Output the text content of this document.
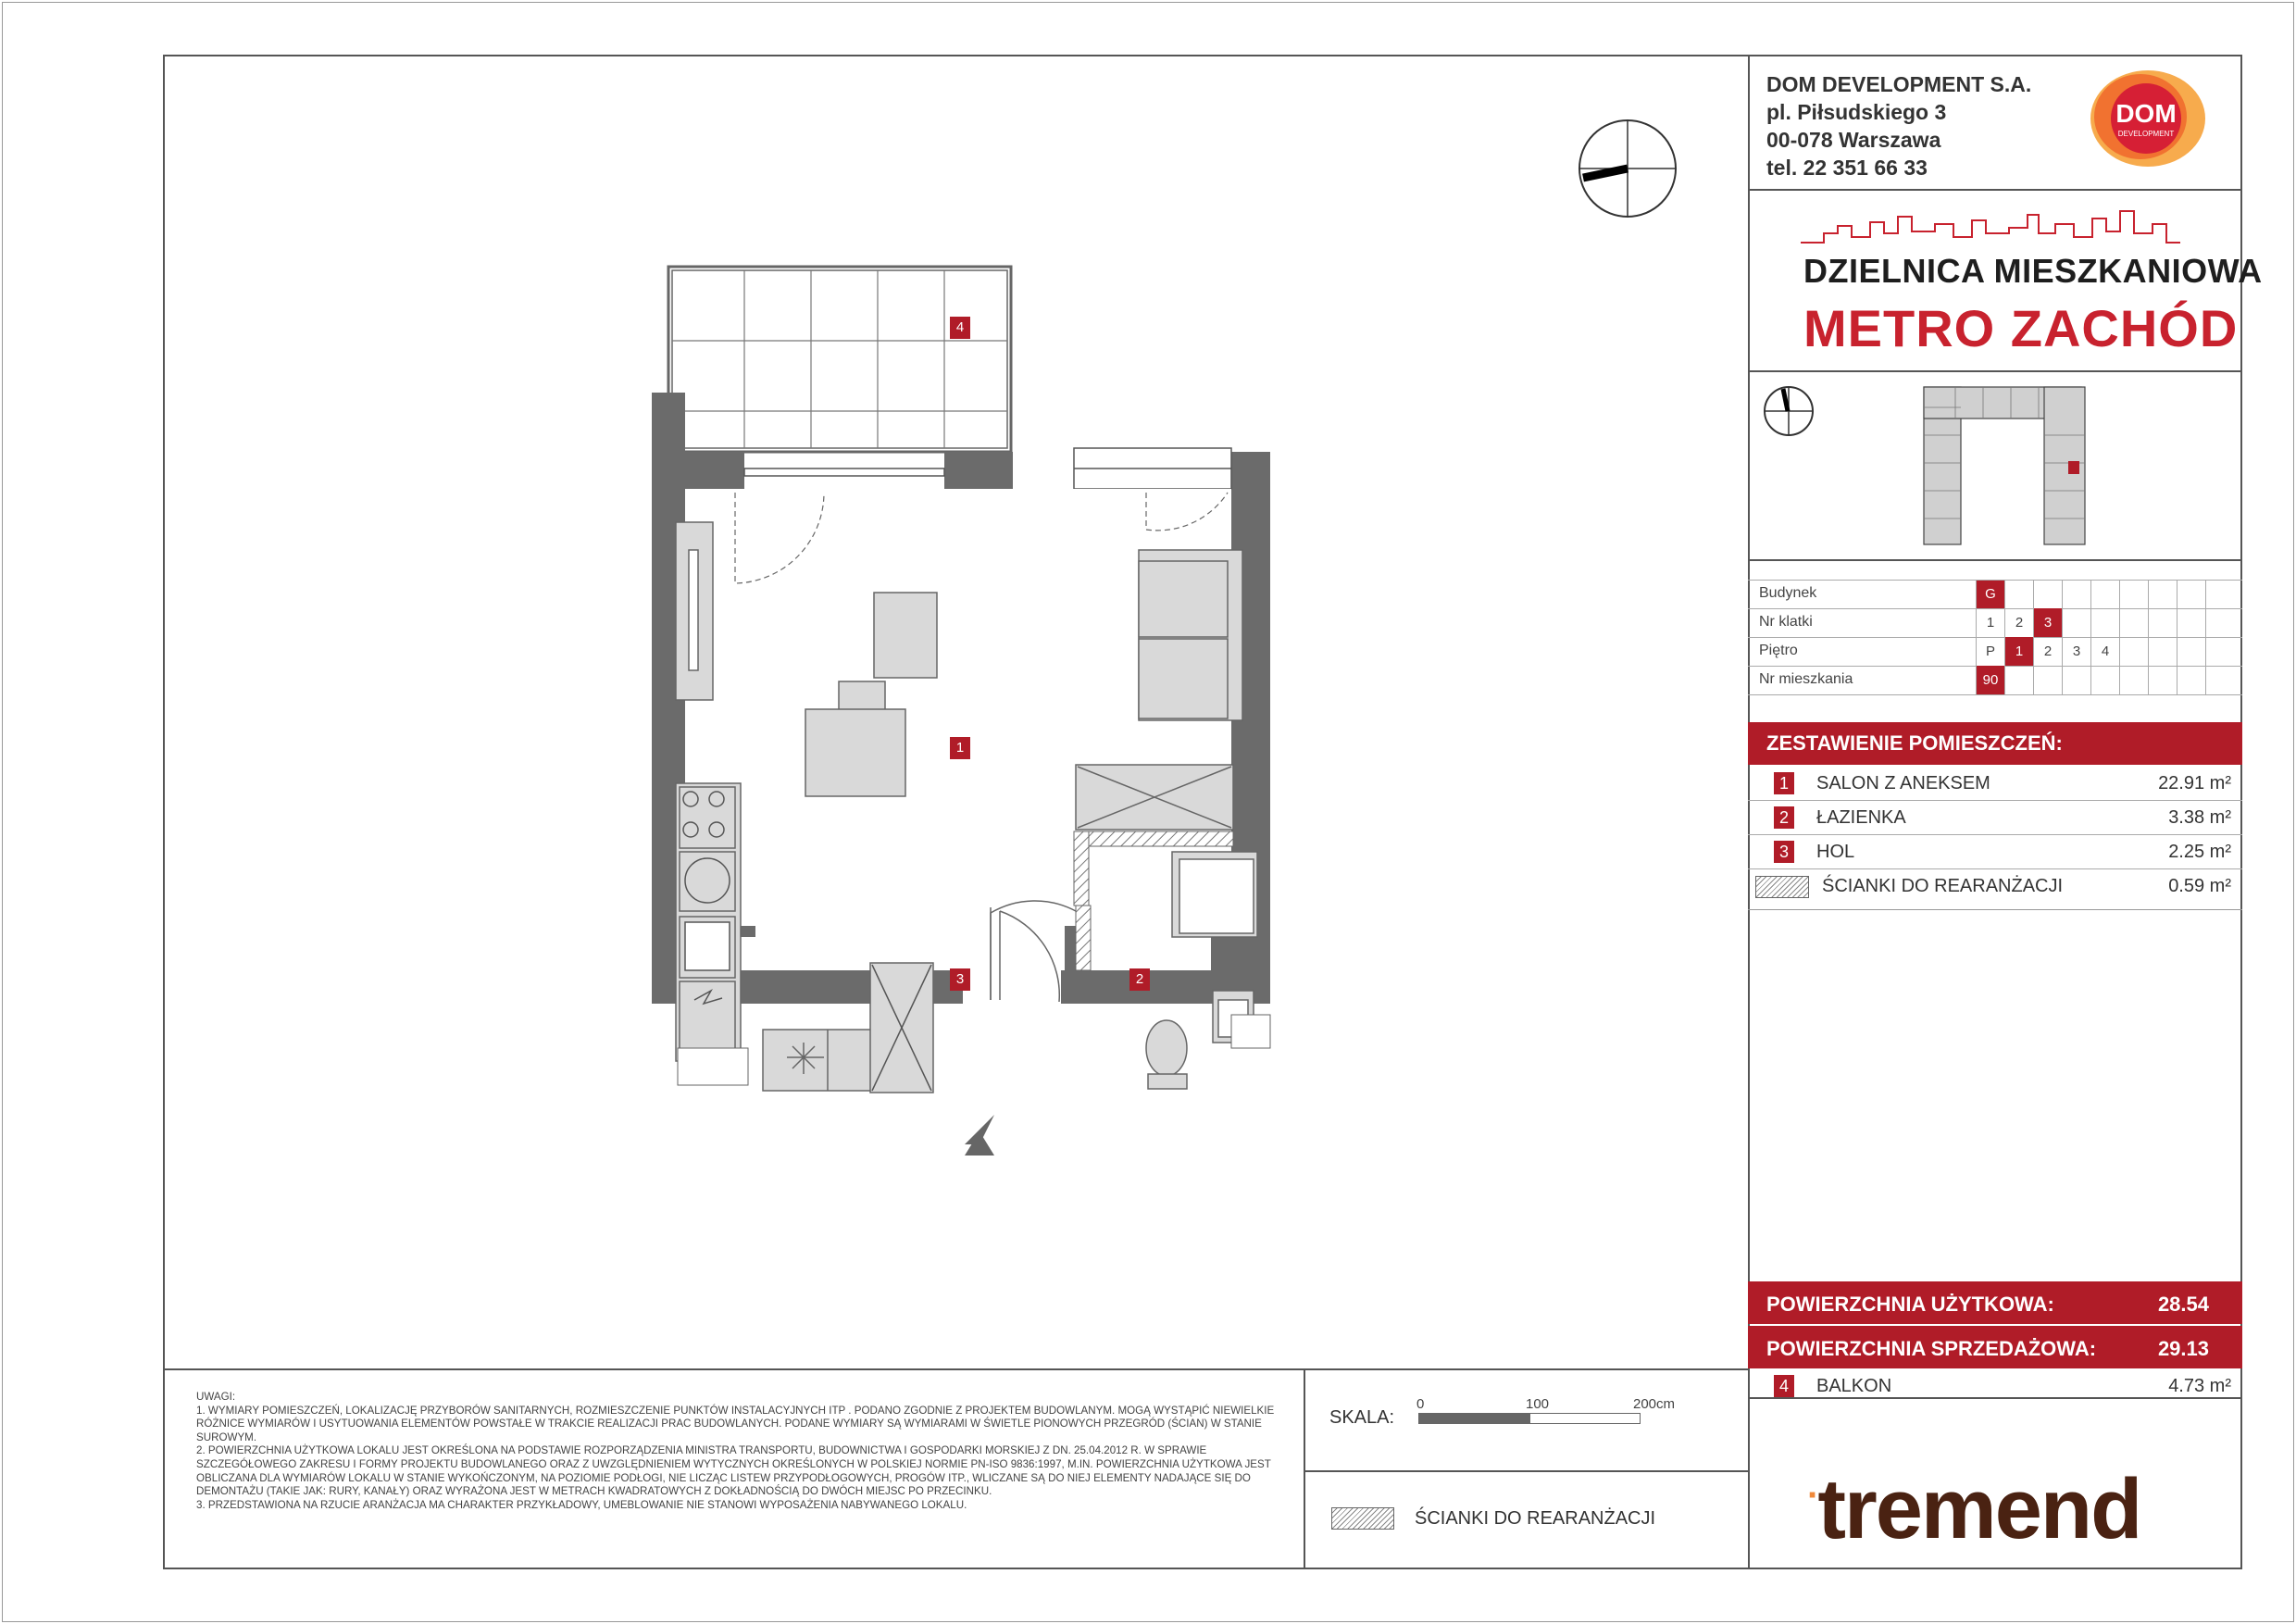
DOM DEVELOPMENT S.A.
pl. Piłsudskiego 3
00-078 Warszawa
tel. 22 351 66 33
DOM
DEVELOPMENT
DZIELNICA MIESZKANIOWA
METRO ZACHÓD
Budynek	G
Nr klatki	1	2	3
Piętro	P	1	2	3	4
Nr mieszkania	90
ZESTAWIENIE POMIESZCZEŃ:
1	SALON Z ANEKSEM	22.91 m²
2	ŁAZIENKA	3.38 m²
3	HOL	2.25 m²
ŚCIANKI DO REARANŻACJI	0.59 m²
POWIERZCHNIA UŻYTKOWA:	28.54
POWIERZCHNIA SPRZEDAŻOWA:	29.13
4	BALKON	4.73 m²
·tremend
UWAGI:
1. WYMIARY POMIESZCZEŃ, LOKALIZACJĘ PRZYBORÓW SANITARNYCH, ROZMIESZCZENIE PUNKTÓW INSTALACYJNYCH ITP . PODANO ZGODNIE Z PROJEKTEM BUDOWLANYM. MOGĄ WYSTĄPIĆ NIEWIELKIE RÓŻNICE WYMIARÓW I USYTUOWANIA ELEMENTÓW POWSTAŁE W TRAKCIE REALIZACJI PRAC BUDOWLANYCH. PODANE WYMIARY SĄ WYMIARAMI W ŚWIETLE PIONOWYCH PRZEGRÓD (ŚCIAN) W STANIE SUROWYM.
2. POWIERZCHNIA UŻYTKOWA LOKALU JEST OKREŚLONA NA PODSTAWIE ROZPORZĄDZENIA MINISTRA TRANSPORTU, BUDOWNICTWA I GOSPODARKI MORSKIEJ Z DN. 25.04.2012 R. W SPRAWIE SZCZEGÓŁOWEGO ZAKRESU I FORMY PROJEKTU BUDOWLANEGO ORAZ Z UWZGLĘDNIENIEM WYTYCZNYCH OKREŚLONYCH W POLSKIEJ NORMIE PN-ISO 9836:1997, M.IN. POWIERZCHNIA UŻYTKOWA JEST OBLICZANA DLA WYMIARÓW LOKALU W STANIE WYKOŃCZONYM, NA POZIOMIE PODŁOGI, NIE LICZĄC LISTEW PRZYPODŁOGOWYCH, PROGÓW ITP., WLICZANE SĄ DO NIEJ ELEMENTY NADAJĄCE SIĘ DO DEMONTAŻU (TAKIE JAK: RURY, KANAŁY) ORAZ WYRAŻONA JEST W METRACH KWADRATOWYCH Z DOKŁADNOŚCIĄ DO DWÓCH MIEJSC PO PRZECINKU.
3. PRZEDSTAWIONA NA RZUCIE ARANŻACJA MA CHARAKTER PRZYKŁADOWY, UMEBLOWANIE NIE STANOWI WYPOSAŻENIA NABYWANEGO LOKALU.
SKALA:
0	100	200cm
ŚCIANKI DO REARANŻACJI
4
1
3	2
